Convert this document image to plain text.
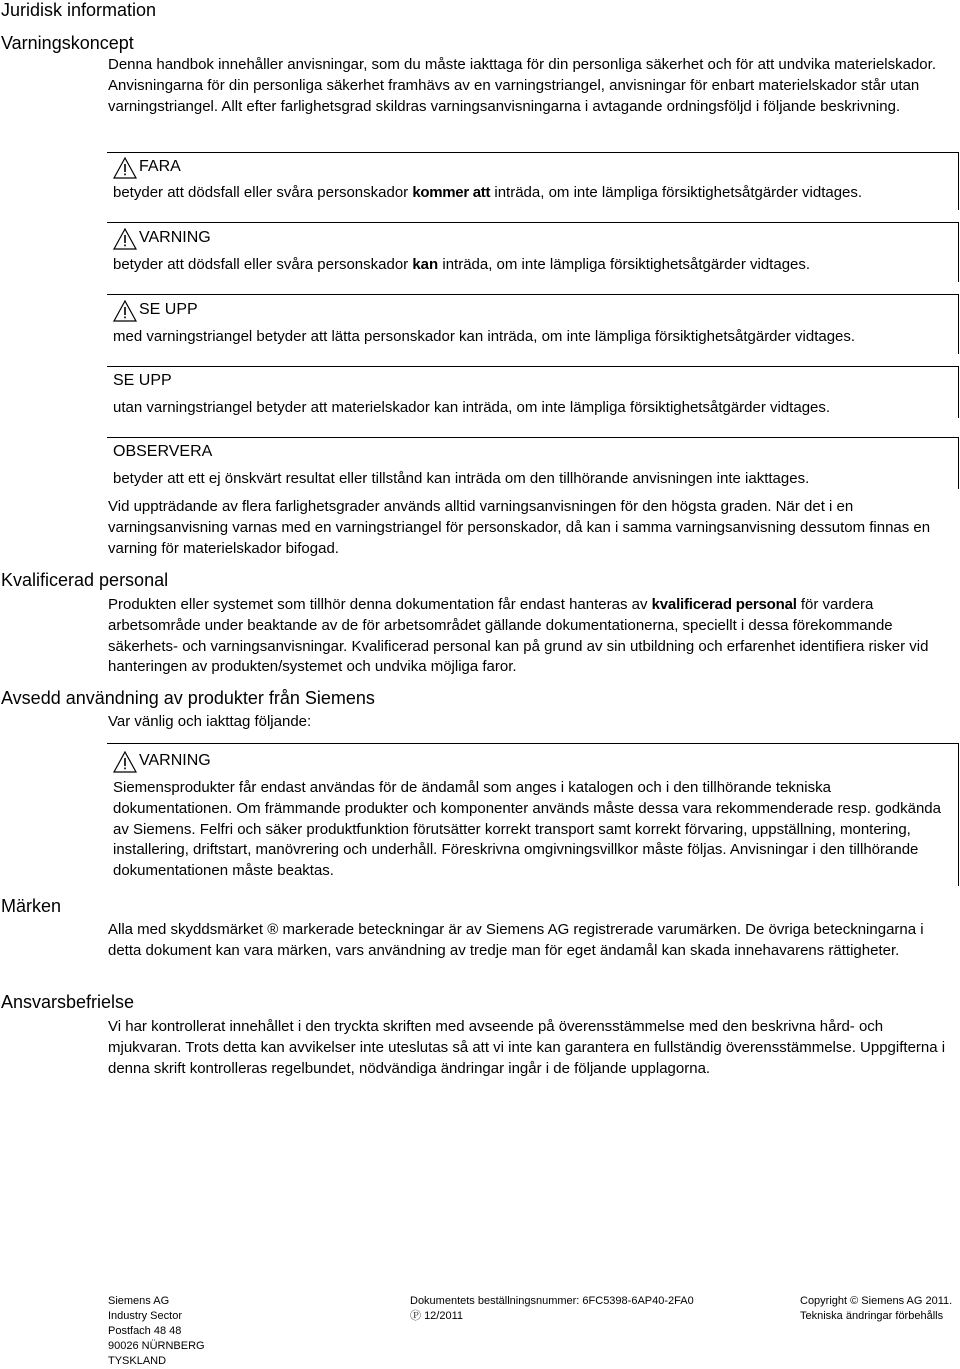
Juridisk information
Varningskoncept
Denna handbok innehåller anvisningar, som du måste iakttaga för din personliga säkerhet och för att undvika materielskador. Anvisningarna för din personliga säkerhet framhävs av en varningstriangel, anvisningar för enbart materielskador står utan varningstriangel. Allt efter farlighetsgrad skildras varningsanvisningarna i avtagande ordningsföljd i följande beskrivning.
FARA
betyder att dödsfall eller svåra personskador kommer att inträda, om inte lämpliga försiktighetsåtgärder vidtages.
VARNING
betyder att dödsfall eller svåra personskador kan inträda, om inte lämpliga försiktighetsåtgärder vidtages.
SE UPP
med varningstriangel betyder att lätta personskador kan inträda, om inte lämpliga försiktighetsåtgärder vidtages.
SE UPP
utan varningstriangel betyder att materielskador kan inträda, om inte lämpliga försiktighetsåtgärder vidtages.
OBSERVERA
betyder att ett ej önskvärt resultat eller tillstånd kan inträda om den tillhörande anvisningen inte iakttages.
Vid uppträdande av flera farlighetsgrader används alltid varningsanvisningen för den högsta graden. När det i en varningsanvisning varnas med en varningstriangel för personskador, då kan i samma varningsanvisning dessutom finnas en varning för materielskador bifogad.
Kvalificerad personal
Produkten eller systemet som tillhör denna dokumentation får endast hanteras av kvalificerad personal för vardera arbetsområde under beaktande av de för arbetsområdet gällande dokumentationerna, speciellt i dessa förekommande säkerhets- och varningsanvisningar. Kvalificerad personal kan på grund av sin utbildning och erfarenhet identifiera risker vid hanteringen av produkten/systemet och undvika möjliga faror.
Avsedd användning av produkter från Siemens
Var vänlig och iakttag följande:
VARNING
Siemensprodukter får endast användas för de ändamål som anges i katalogen och i den tillhörande tekniska dokumentationen. Om främmande produkter och komponenter används måste dessa vara rekommenderade resp. godkända av Siemens. Felfri och säker produktfunktion förutsätter korrekt transport samt korrekt förvaring, uppställning, montering, installering, driftstart, manövrering och underhåll. Föreskrivna omgivningsvillkor måste följas. Anvisningar i den tillhörande dokumentationen måste beaktas.
Märken
Alla med skyddsmärket ® markerade beteckningar är av Siemens AG registrerade varumärken. De övriga beteckningarna i detta dokument kan vara märken, vars användning av tredje man för eget ändamål kan skada innehavarens rättigheter.
Ansvarsbefrielse
Vi har kontrollerat innehållet i den tryckta skriften med avseende på överensstämmelse med den beskrivna hård- och mjukvaran. Trots detta kan avvikelser inte uteslutas så att vi inte kan garantera en fullständig överensstämmelse. Uppgifterna i denna skrift kontrolleras regelbundet, nödvändiga ändringar ingår i de följande upplagorna.
Siemens AG
Industry Sector
Postfach 48 48
90026 NÜRNBERG
TYSKLAND
Dokumentets beställningsnummer: 6FC5398-6AP40-2FA0
Ⓟ 12/2011
Copyright © Siemens AG 2011.
Tekniska ändringar förbehålls
